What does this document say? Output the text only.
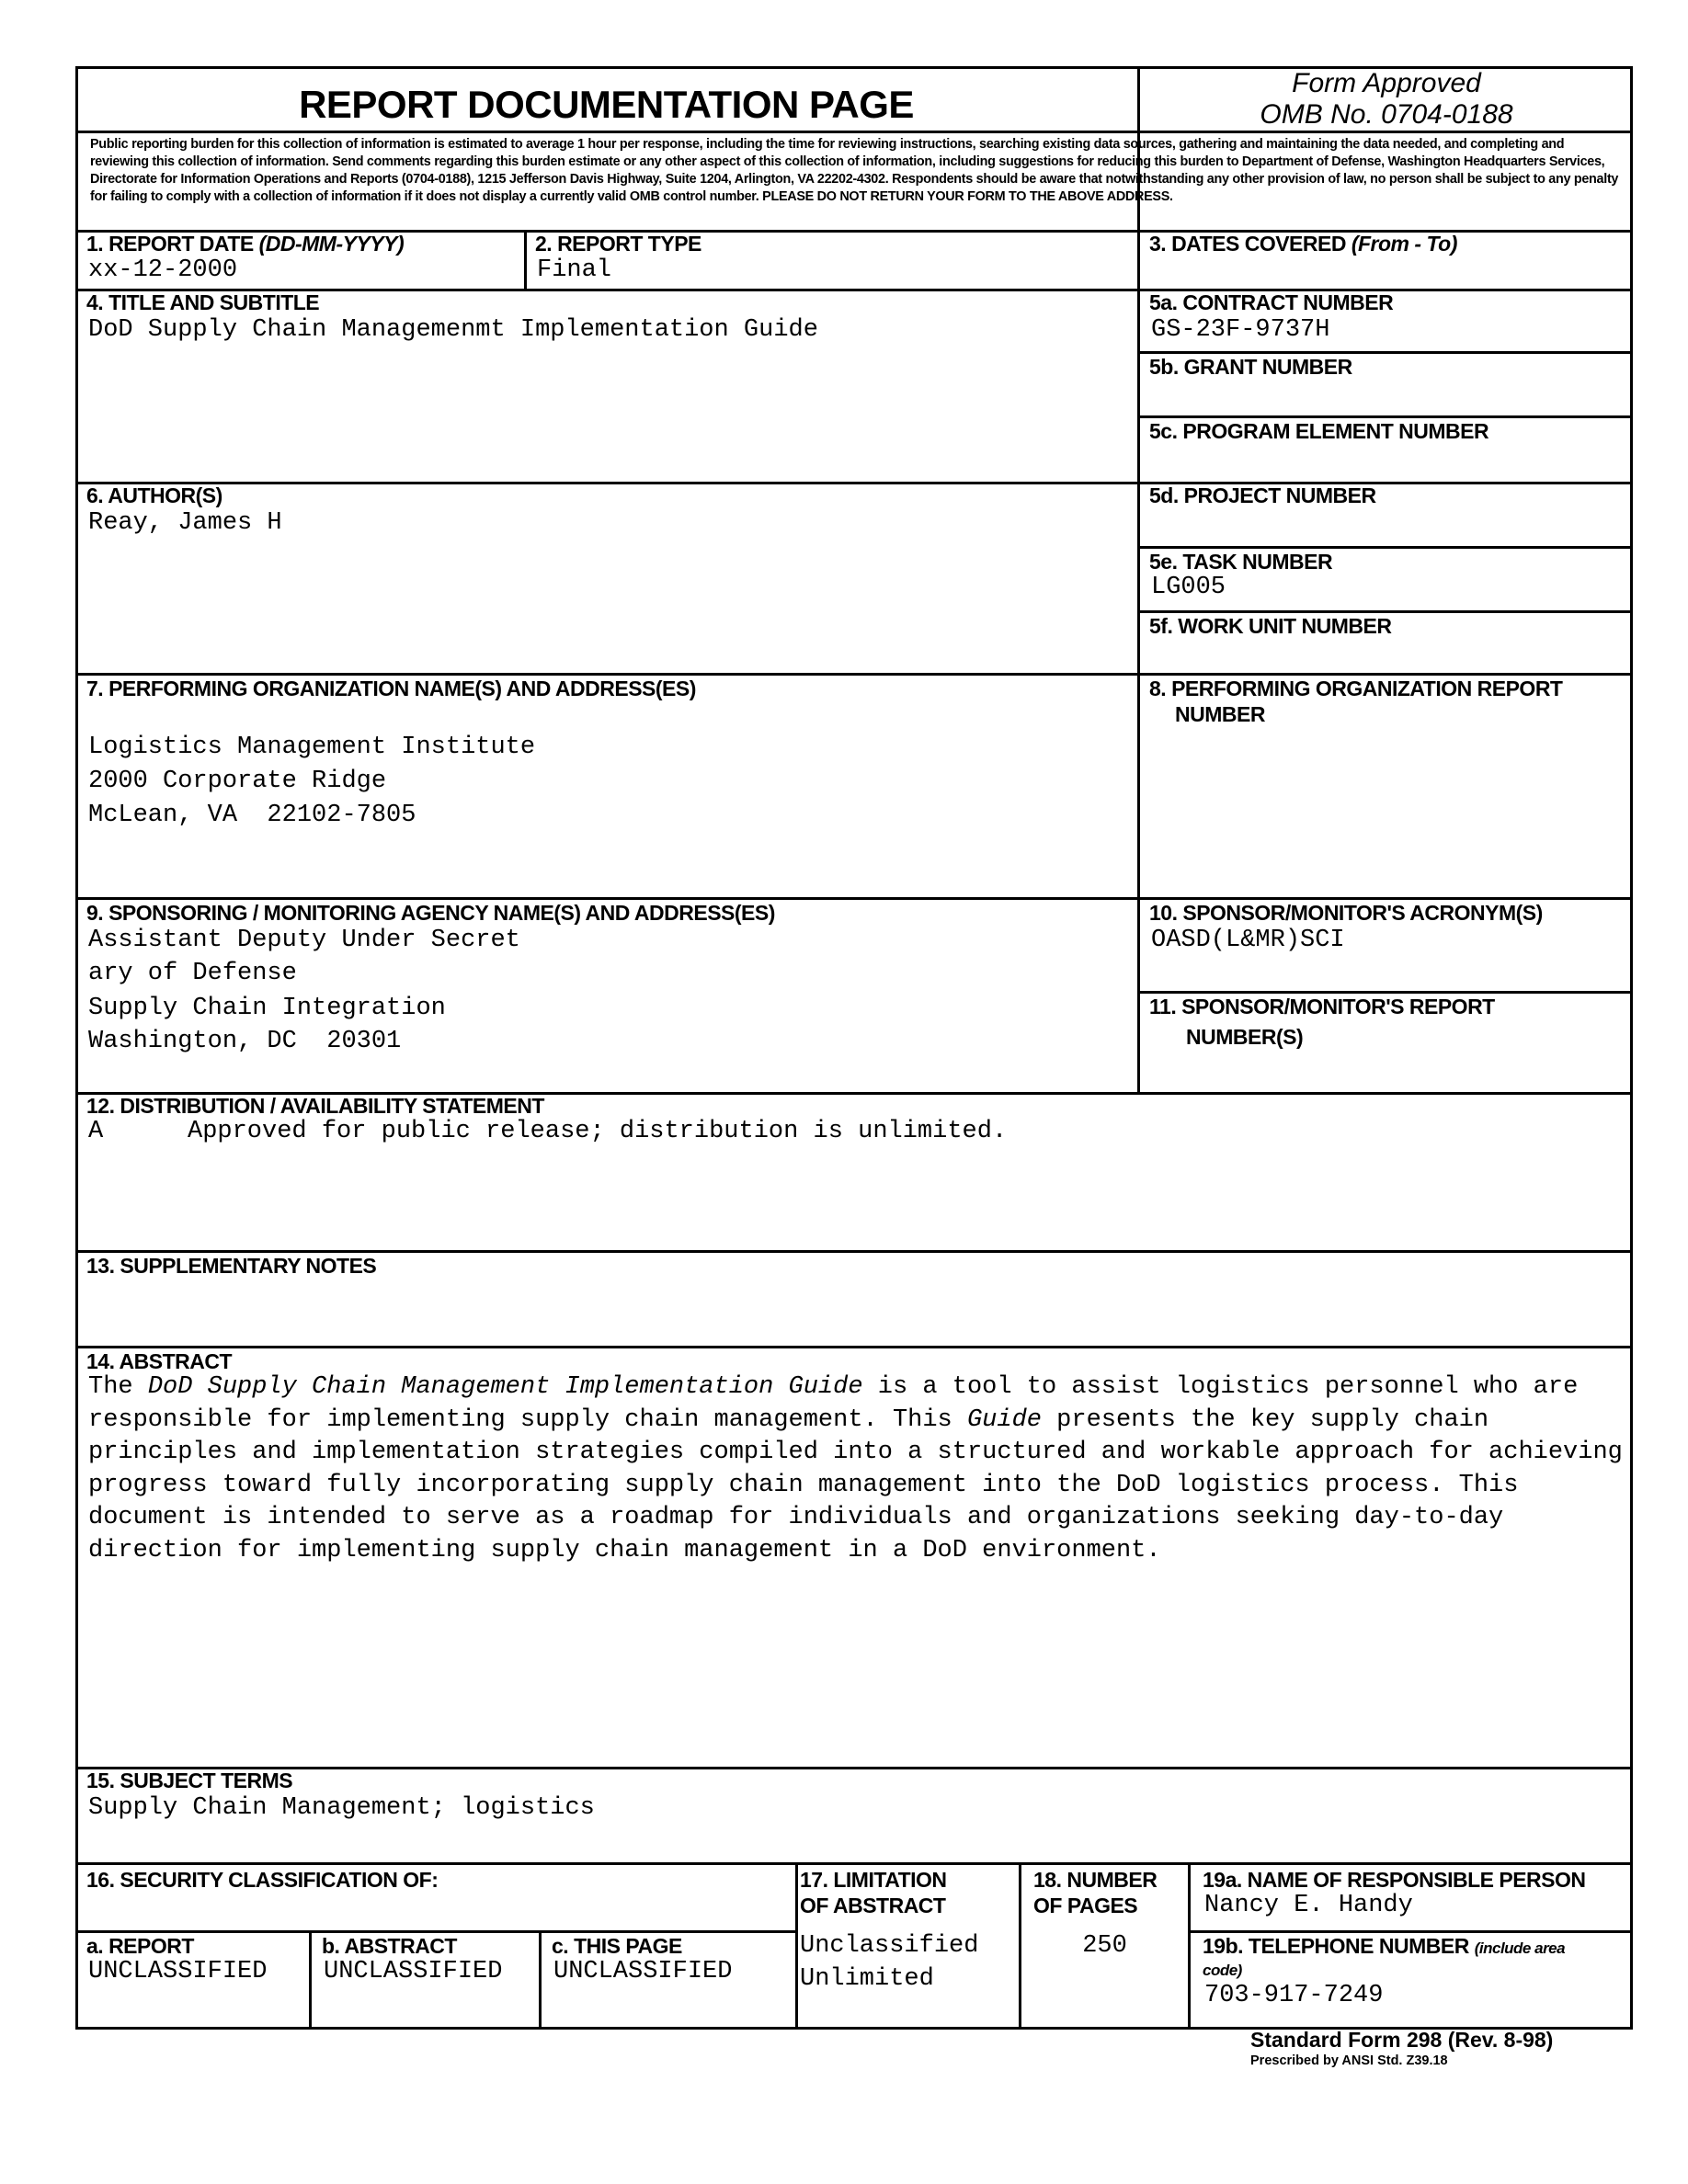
REPORT DOCUMENTATION PAGE	Form Approved
OMB No. 0704-0188
Public reporting burden for this collection of information is estimated to average 1 hour per response, including the time for reviewing instructions, searching existing data sources, gathering and maintaining the data needed, and completing and reviewing this collection of information. Send comments regarding this burden estimate or any other aspect of this collection of information, including suggestions for reducing this burden to Department of Defense, Washington Headquarters Services, Directorate for Information Operations and Reports (0704-0188), 1215 Jefferson Davis Highway, Suite 1204, Arlington, VA 22202-4302. Respondents should be aware that notwithstanding any other provision of law, no person shall be subject to any penalty for failing to comply with a collection of information if it does not display a currently valid OMB control number. PLEASE DO NOT RETURN YOUR FORM TO THE ABOVE ADDRESS.
1. REPORT DATE (DD-MM-YYYY)
xx-12-2000
2. REPORT TYPE
Final
3. DATES COVERED (From - To)
4. TITLE AND SUBTITLE
DoD Supply Chain Managemenmt Implementation Guide
5a. CONTRACT NUMBER
GS-23F-9737H
5b. GRANT NUMBER
5c. PROGRAM ELEMENT NUMBER
6. AUTHOR(S)
Reay, James H
5d. PROJECT NUMBER
5e. TASK NUMBER
LG005
5f. WORK UNIT NUMBER
7. PERFORMING ORGANIZATION NAME(S) AND ADDRESS(ES)
Logistics Management Institute
2000 Corporate Ridge
McLean, VA  22102-7805
8. PERFORMING ORGANIZATION REPORT
NUMBER
9. SPONSORING / MONITORING AGENCY NAME(S) AND ADDRESS(ES)
Assistant Deputy Under Secret
ary of Defense
Supply Chain Integration
Washington, DC  20301
10. SPONSOR/MONITOR'S ACRONYM(S)
OASD(L&MR)SCI
11. SPONSOR/MONITOR'S REPORT
NUMBER(S)
12. DISTRIBUTION / AVAILABILITY STATEMENT
A	Approved for public release; distribution is unlimited.
13. SUPPLEMENTARY NOTES
14. ABSTRACT
The DoD Supply Chain Management Implementation Guide is a tool to assist logistics personnel who are responsible for implementing supply chain management. This Guide presents the key supply chain principles and implementation strategies compiled into a structured and workable approach for achieving progress toward fully incorporating supply chain management into the DoD logistics process. This document is intended to serve as a roadmap for individuals and organizations seeking day-to-day direction for implementing supply chain management in a DoD environment.
15. SUBJECT TERMS
Supply Chain Management; logistics
16. SECURITY CLASSIFICATION OF:
a. REPORT
UNCLASSIFIED
b. ABSTRACT
UNCLASSIFIED
c. THIS PAGE
UNCLASSIFIED
17. LIMITATION
OF ABSTRACT
Unclassified
Unlimited
18. NUMBER
OF PAGES
250
19a. NAME OF RESPONSIBLE PERSON
Nancy E. Handy
19b. TELEPHONE NUMBER (include area
code)
703-917-7249
Standard Form 298 (Rev. 8-98)
Prescribed by ANSI Std. Z39.18
